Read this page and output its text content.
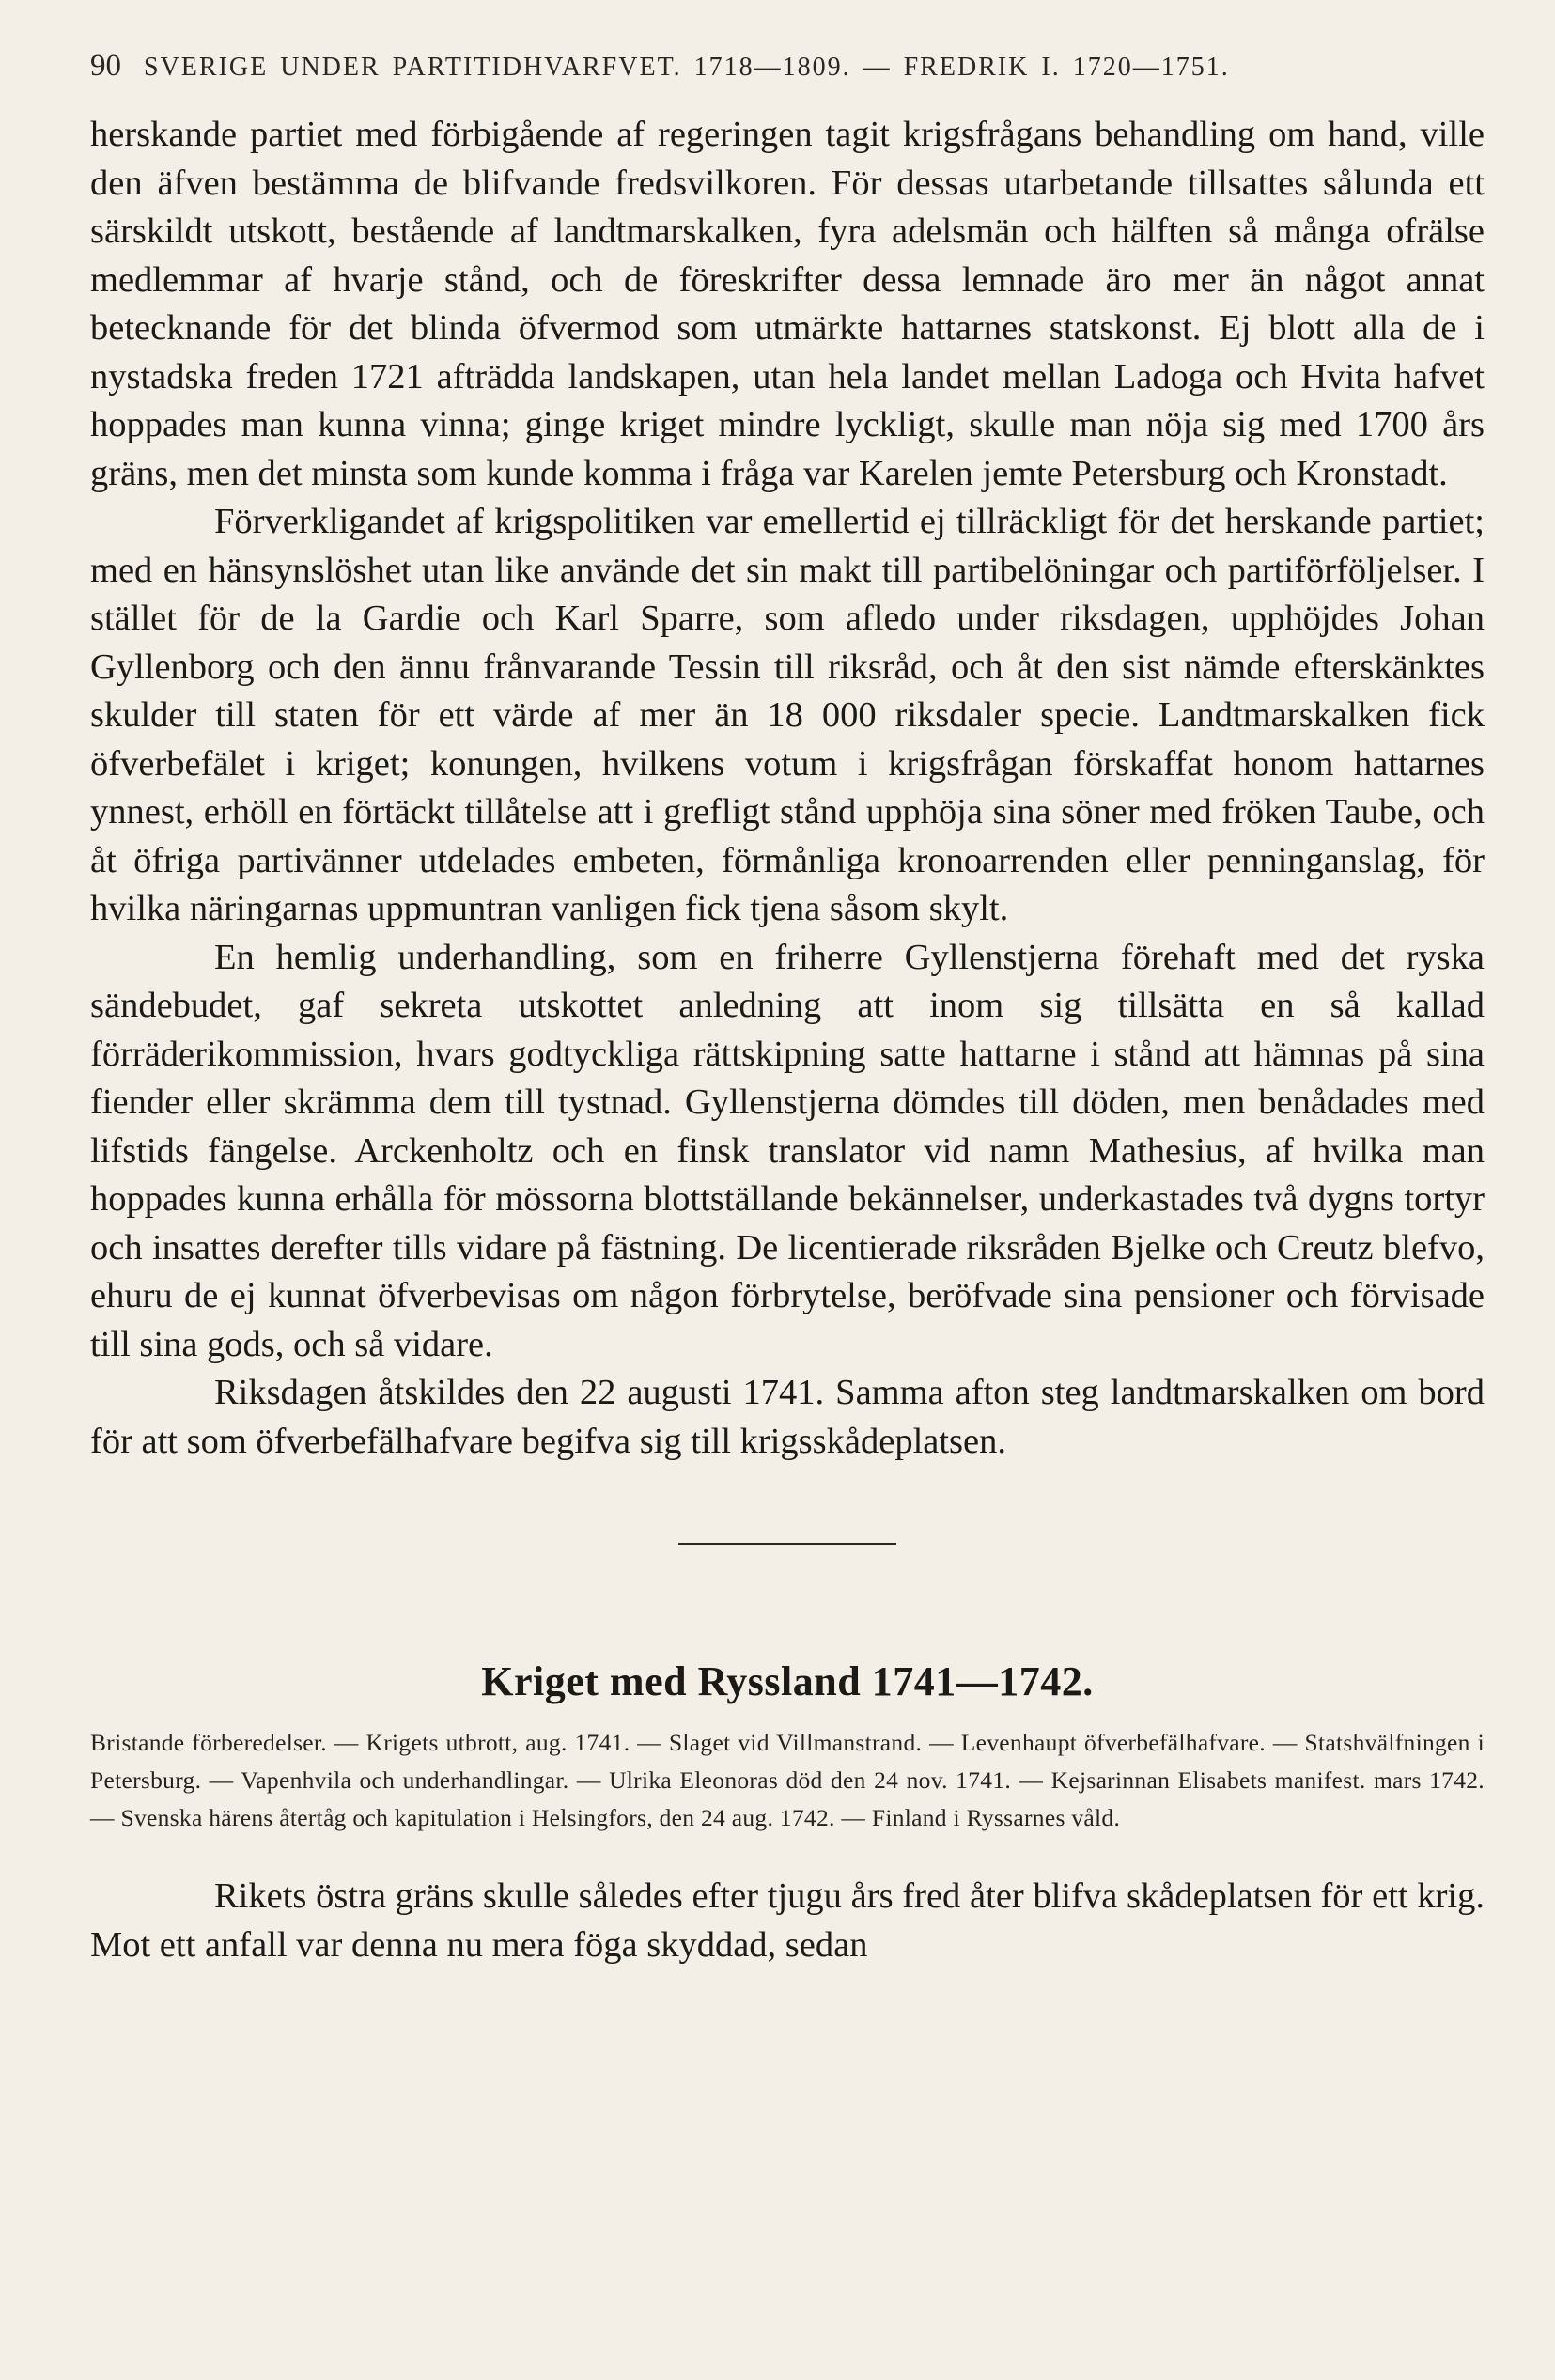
90 SVERIGE UNDER PARTITIDHVARFVET. 1718—1809. — FREDRIK I. 1720—1751.

herskande partiet med förbigående af regeringen tagit krigsfrågans behandling om hand, ville den äfven bestämma de blifvande fredsvilkoren. För dessas utarbetande tillsattes sålunda ett särskildt utskott, bestående af landtmarskalken, fyra adelsmän och hälften så många ofrälse medlemmar af hvarje stånd, och de föreskrifter dessa lemnade äro mer än något annat betecknande för det blinda öfvermod som utmärkte hattarnes statskonst. Ej blott alla de i nystadska freden 1721 afträdda landskapen, utan hela landet mellan Ladoga och Hvita hafvet hoppades man kunna vinna; ginge kriget mindre lyckligt, skulle man nöja sig med 1700 års gräns, men det minsta som kunde komma i fråga var Karelen jemte Petersburg och Kronstadt.

Förverkligandet af krigspolitiken var emellertid ej tillräckligt för det herskande partiet; med en hänsynslöshet utan like använde det sin makt till partibelöningar och partiförföljelser. I stället för de la Gardie och Karl Sparre, som afledo under riksdagen, upphöjdes Johan Gyllenborg och den ännu frånvarande Tessin till riksråd, och åt den sist nämde efterskänktes skulder till staten för ett värde af mer än 18 000 riksdaler specie. Landtmarskalken fick öfverbefälet i kriget; konungen, hvilkens votum i krigsfrågan förskaffat honom hattarnes ynnest, erhöll en förtäckt tillåtelse att i grefligt stånd upphöja sina söner med fröken Taube, och åt öfriga partivänner utdelades embeten, förmånliga kronoarrenden eller penninganslag, för hvilka näringarnas uppmuntran vanligen fick tjena såsom skylt.

En hemlig underhandling, som en friherre Gyllenstjerna förehaft med det ryska sändebudet, gaf sekreta utskottet anledning att inom sig tillsätta en så kallad förräderikommission, hvars godtyckliga rättskipning satte hattarne i stånd att hämnas på sina fiender eller skrämma dem till tystnad. Gyllenstjerna dömdes till döden, men benådades med lifstids fängelse. Arckenholtz och en finsk translator vid namn Mathesius, af hvilka man hoppades kunna erhålla för mössorna blottställande bekännelser, underkastades två dygns tortyr och insattes derefter tills vidare på fästning. De licentierade riksråden Bjelke och Creutz blefvo, ehuru de ej kunnat öfverbevisas om någon förbrytelse, beröfvade sina pensioner och förvisade till sina gods, och så vidare.

Riksdagen åtskildes den 22 augusti 1741. Samma afton steg landtmarskalken om bord för att som öfverbefälhafvare begifva sig till krigsskådeplatsen.

Kriget med Ryssland 1741—1742.
Bristande förberedelser. — Krigets utbrott, aug. 1741. — Slaget vid Villmanstrand. — Levenhaupt öfverbefälhafvare. — Statshvälfningen i Petersburg. — Vapenhvila och underhandlingar. — Ulrika Eleonoras död den 24 nov. 1741. — Kejsarinnan Elisabets manifest. mars 1742. — Svenska härens återtåg och kapitulation i Helsingfors, den 24 aug. 1742. — Finland i Ryssarnes våld.

Rikets östra gräns skulle således efter tjugu års fred åter blifva skådeplatsen för ett krig. Mot ett anfall var denna nu mera föga skyddad, sedan
